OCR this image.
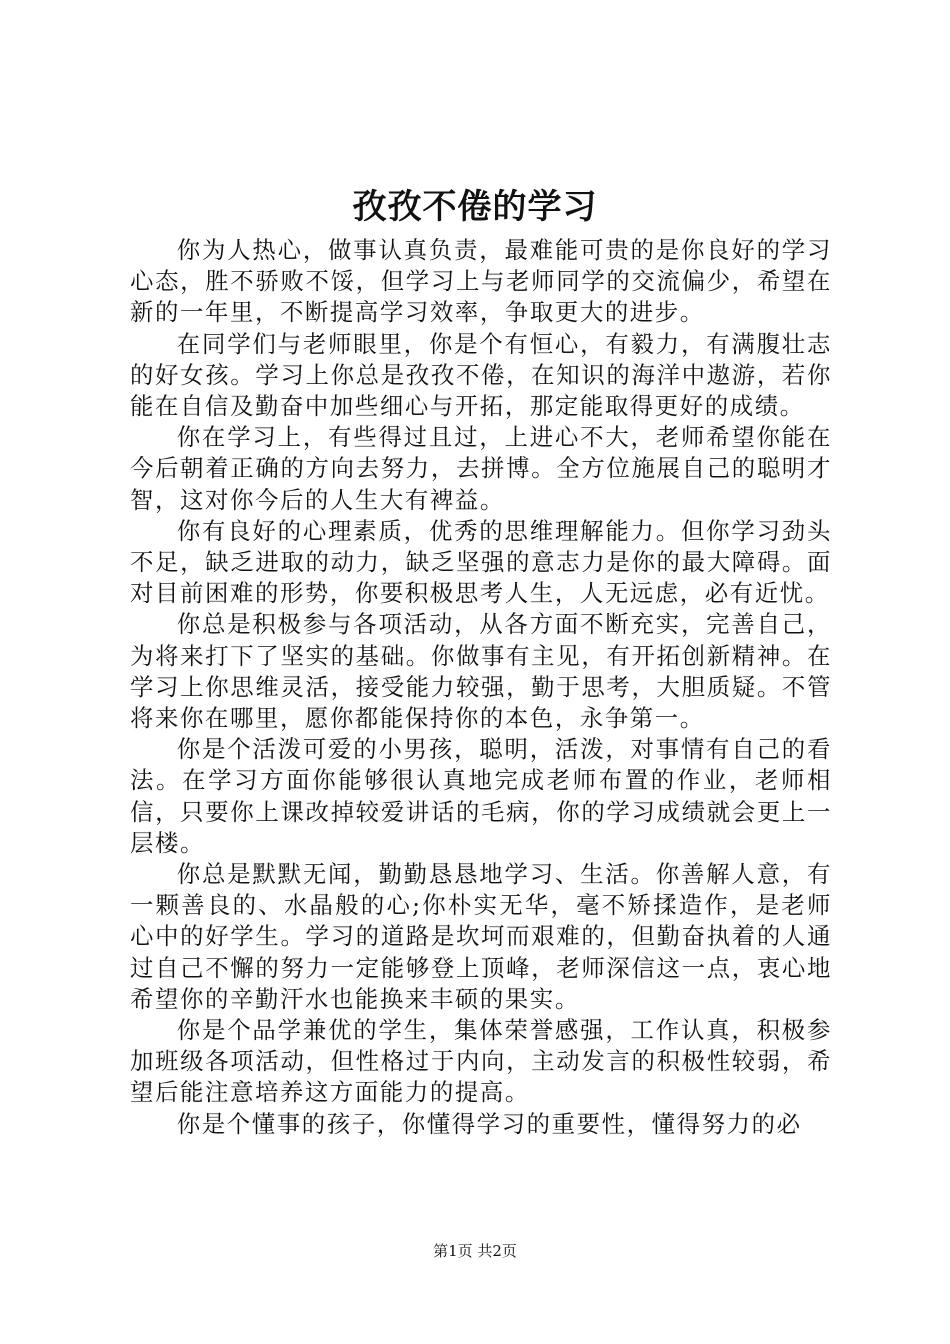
孜孜不倦的学习

你为人热心，做事认真负责，最难能可贵的是你良好的学习心态，胜不骄败不馁，但学习上与老师同学的交流偏少，希望在新的一年里，不断提高学习效率，争取更大的进步。

在同学们与老师眼里，你是个有恒心，有毅力，有满腹壮志的好女孩。学习上你总是孜孜不倦，在知识的海洋中遨游，若你能在自信及勤奋中加些细心与开拓，那定能取得更好的成绩。

你在学习上，有些得过且过，上进心不大，老师希望你能在今后朝着正确的方向去努力，去拼博。全方位施展自己的聪明才智，这对你今后的人生大有裨益。

你有良好的心理素质，优秀的思维理解能力。但你学习劲头不足，缺乏进取的动力，缺乏坚强的意志力是你的最大障碍。面对目前困难的形势，你要积极思考人生，人无远虑，必有近忧。

你总是积极参与各项活动，从各方面不断充实，完善自己，为将来打下了坚实的基础。你做事有主见，有开拓创新精神。在学习上你思维灵活，接受能力较强，勤于思考，大胆质疑。不管将来你在哪里，愿你都能保持你的本色，永争第一。

你是个活泼可爱的小男孩，聪明，活泼，对事情有自己的看法。在学习方面你能够很认真地完成老师布置的作业，老师相信，只要你上课改掉较爱讲话的毛病，你的学习成绩就会更上一层楼。

你总是默默无闻，勤勤恳恳地学习、生活。你善解人意，有一颗善良的、水晶般的心;你朴实无华，毫不矫揉造作，是老师心中的好学生。学习的道路是坎坷而艰难的，但勤奋执着的人通过自己不懈的努力一定能够登上顶峰，老师深信这一点，衷心地希望你的辛勤汗水也能换来丰硕的果实。

你是个品学兼优的学生，集体荣誉感强，工作认真，积极参加班级各项活动，但性格过于内向，主动发言的积极性较弱，希望后能注意培养这方面能力的提高。

你是个懂事的孩子，你懂得学习的重要性，懂得努力的必

第1页 共2页
